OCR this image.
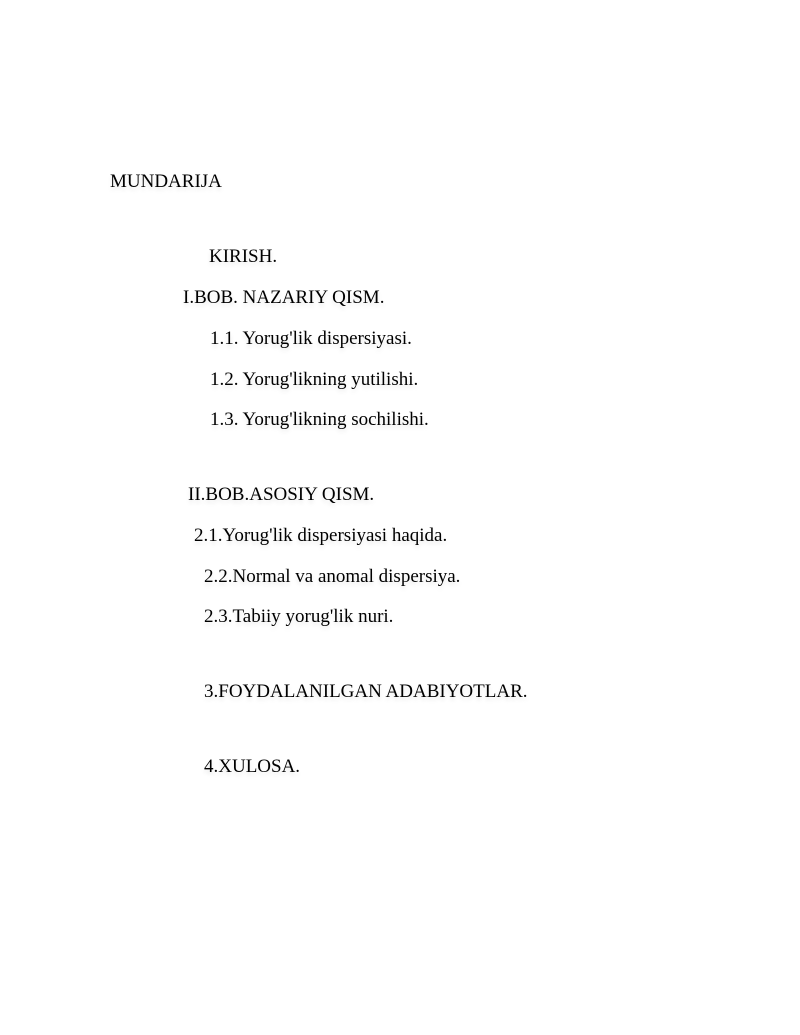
MUNDARIJA
KIRISH.
I.BOB. NAZARIY QISM.
1.1. Yorug'lik dispersiyasi.
1.2. Yorug'likning yutilishi.
1.3. Yorug'likning sochilishi.
II.BOB.ASOSIY QISM.
2.1.Yorug'lik dispersiyasi haqida.
2.2.Normal va anomal dispersiya.
2.3.Tabiiy yorug'lik nuri.
3.FOYDALANILGAN ADABIYOTLAR.
4.XULOSA.
